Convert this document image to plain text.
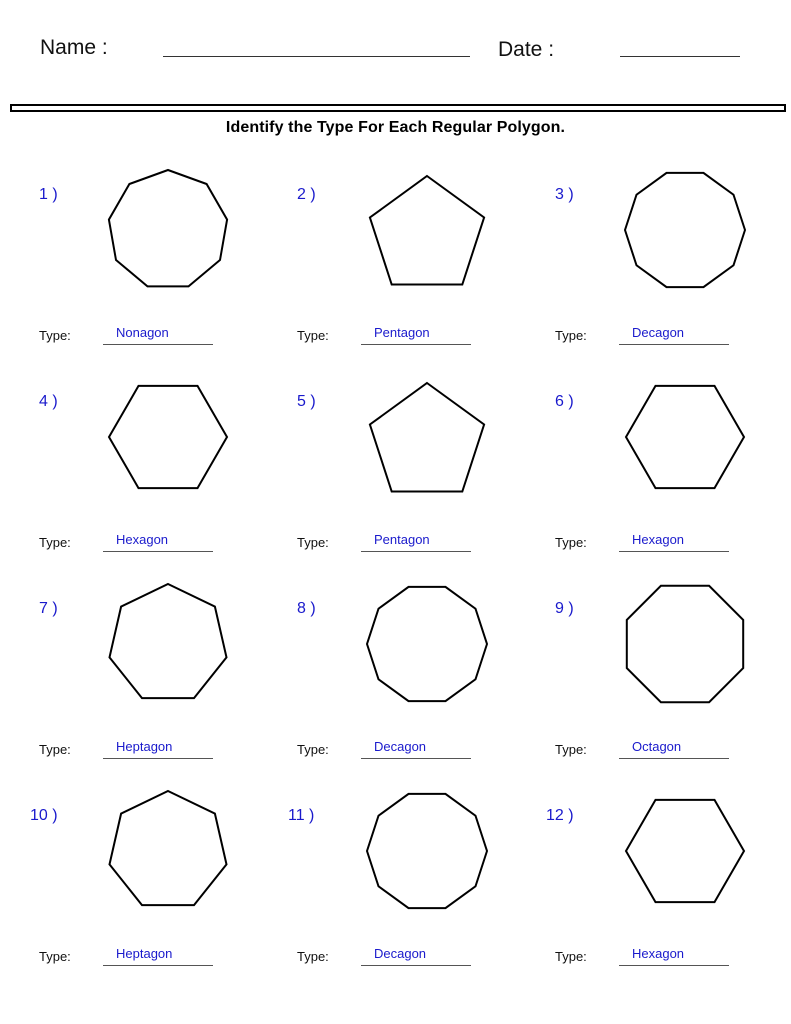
Name :	Date :
Identify the Type For Each Regular Polygon.
1 )
Type:	Nonagon
2 )
Type:	Pentagon
3 )
Type:	Decagon
4 )
Type:	Hexagon
5 )
Type:	Pentagon
6 )
Type:	Hexagon
7 )
Type:	Heptagon
8 )
Type:	Decagon
9 )
Type:	Octagon
10 )
Type:	Heptagon
11 )
Type:	Decagon
12 )
Type:	Hexagon
